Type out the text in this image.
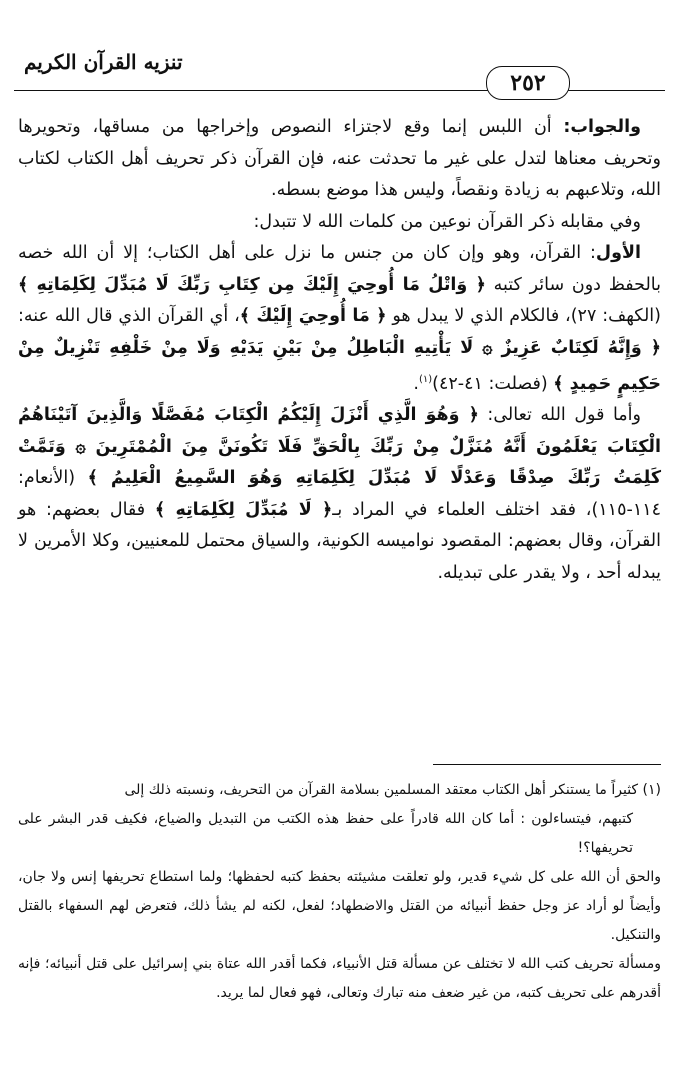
تنزيه القرآن الكريم
٢٥٢

والجواب: أن اللبس إنما وقع لاجتزاء النصوص وإخراجها من مساقها، وتحويرها وتحريف معناها لتدل على غير ما تحدثت عنه، فإن القرآن ذكر تحريف أهل الكتاب لكتاب الله، وتلاعبهم به زيادة ونقصاً، وليس هذا موضع بسطه.

وفي مقابله ذكر القرآن نوعين من كلمات الله لا تتبدل:

الأول: القرآن، وهو وإن كان من جنس ما نزل على أهل الكتاب؛ إلا أن الله خصه بالحفظ دون سائر كتبه ﴿ وَاتْلُ مَا أُوحِيَ إِلَيْكَ مِن كِتَابِ رَبِّكَ لَا مُبَدِّلَ لِكَلِمَاتِهِ ﴾ (الكهف: ٢٧)، فالكلام الذي لا يبدل هو ﴿ مَا أُوحِيَ إِلَيْكَ ﴾، أي القرآن الذي قال الله عنه: ﴿ وَإِنَّهُ لَكِتَابٌ عَزِيزٌ ۞ لَا يَأْتِيهِ الْبَاطِلُ مِنْ بَيْنِ يَدَيْهِ وَلَا مِنْ خَلْفِهِ تَنْزِيلٌ مِنْ حَكِيمٍ حَمِيدٍ ﴾ (فصلت: ٤١-٤٢)$^{(١)}$.

وأما قول الله تعالى: ﴿ وَهُوَ الَّذِي أَنْزَلَ إِلَيْكُمُ الْكِتَابَ مُفَصَّلًا وَالَّذِينَ آتَيْنَاهُمُ الْكِتَابَ يَعْلَمُونَ أَنَّهُ مُنَزَّلٌ مِنْ رَبِّكَ بِالْحَقِّ فَلَا تَكُونَنَّ مِنَ الْمُمْتَرِينَ ۞ وَتَمَّتْ كَلِمَتُ رَبِّكَ صِدْقًا وَعَدْلًا لَا مُبَدِّلَ لِكَلِمَاتِهِ وَهُوَ السَّمِيعُ الْعَلِيمُ ﴾ (الأنعام: ١١٤-١١٥)، فقد اختلف العلماء في المراد بـ﴿ لَا مُبَدِّلَ لِكَلِمَاتِهِ ﴾ فقال بعضهم: هو القرآن، وقال بعضهم: المقصود نواميسه الكونية، والسياق محتمل للمعنيين، وكلا الأمرين لا يبدله أحد ، ولا يقدر على تبديله.

(١) كثيراً ما يستنكر أهل الكتاب معتقد المسلمين بسلامة القرآن من التحريف، ونسبته ذلك إلى

كتبهم، فيتساءلون : أما كان الله قادراً على حفظ هذه الكتب من التبديل والضياع، فكيف قدر البشر على تحريفها؟!

والحق أن الله على كل شيء قدير، ولو تعلقت مشيئته بحفظ كتبه لحفظها؛ ولما استطاع تحريفها إنس ولا جان، وأيضاً لو أراد عز وجل حفظ أنبيائه من القتل والاضطهاد؛ لفعل، لكنه لم يشأ ذلك، فتعرض لهم السفهاء بالقتل والتنكيل.

ومسألة تحريف كتب الله لا تختلف عن مسألة قتل الأنبياء، فكما أقدر الله عتاة بني إسرائيل على قتل أنبيائه؛ فإنه أقدرهم على تحريف كتبه، من غير ضعف منه تبارك وتعالى، فهو فعال لما يريد.
